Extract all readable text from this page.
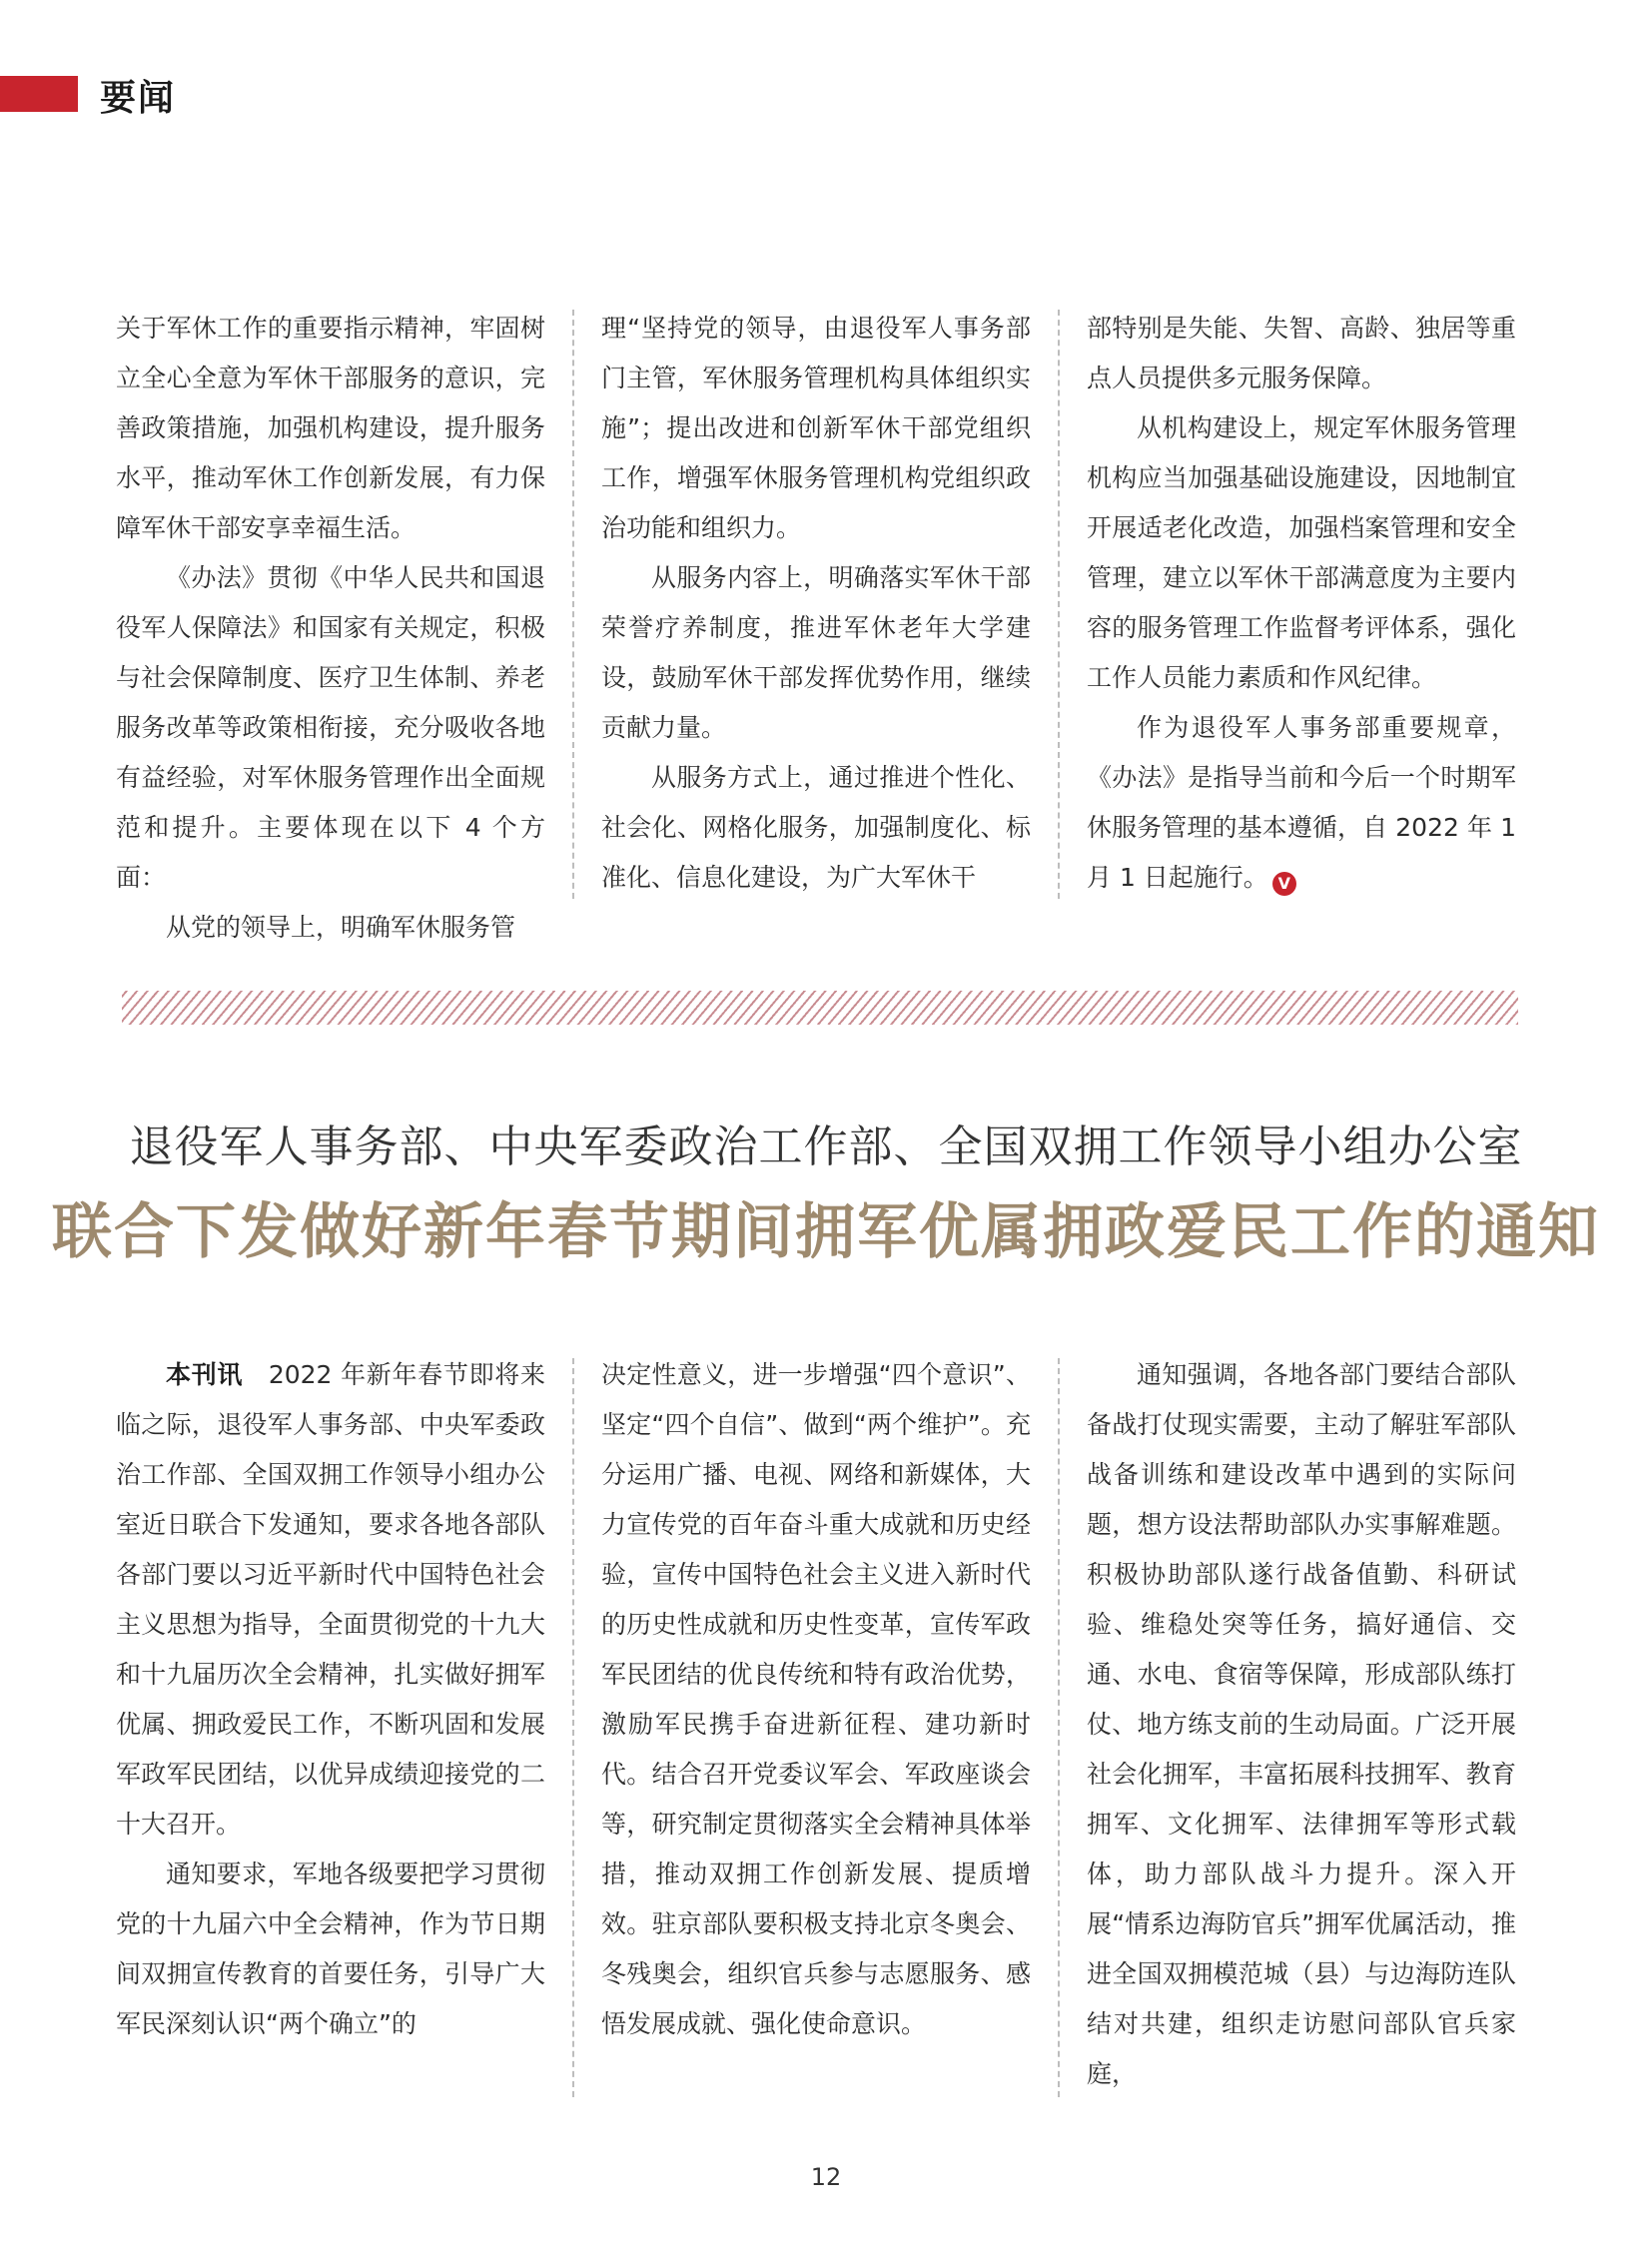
要闻

关于军休工作的重要指示精神，牢固树立全心全意为军休干部服务的意识，完善政策措施，加强机构建设，提升服务水平，推动军休工作创新发展，有力保障军休干部安享幸福生活。

《办法》贯彻《中华人民共和国退役军人保障法》和国家有关规定，积极与社会保障制度、医疗卫生体制、养老服务改革等政策相衔接，充分吸收各地有益经验，对军休服务管理作出全面规范和提升。主要体现在以下 4 个方面：

从党的领导上，明确军休服务管

理“坚持党的领导，由退役军人事务部门主管，军休服务管理机构具体组织实施”；提出改进和创新军休干部党组织工作，增强军休服务管理机构党组织政治功能和组织力。

从服务内容上，明确落实军休干部荣誉疗养制度，推进军休老年大学建设，鼓励军休干部发挥优势作用，继续贡献力量。

从服务方式上，通过推进个性化、社会化、网格化服务，加强制度化、标准化、信息化建设，为广大军休干

部特别是失能、失智、高龄、独居等重点人员提供多元服务保障。

从机构建设上，规定军休服务管理机构应当加强基础设施建设，因地制宜开展适老化改造，加强档案管理和安全管理，建立以军休干部满意度为主要内容的服务管理工作监督考评体系，强化工作人员能力素质和作风纪律。

作为退役军人事务部重要规章，《办法》是指导当前和今后一个时期军休服务管理的基本遵循，自 2022 年 1 月 1 日起施行。 V

退役军人事务部、中央军委政治工作部、全国双拥工作领导小组办公室
联合下发做好新年春节期间拥军优属拥政爱民工作的通知

本刊讯　 2022 年新年春节即将来临之际，退役军人事务部、中央军委政治工作部、全国双拥工作领导小组办公室近日联合下发通知，要求各地各部队各部门要以习近平新时代中国特色社会主义思想为指导，全面贯彻党的十九大和十九届历次全会精神，扎实做好拥军优属、拥政爱民工作，不断巩固和发展军政军民团结，以优异成绩迎接党的二十大召开。

通知要求，军地各级要把学习贯彻党的十九届六中全会精神，作为节日期间双拥宣传教育的首要任务，引导广大军民深刻认识“两个确立”的

决定性意义，进一步增强“四个意识”、坚定“四个自信”、做到“两个维护”。充分运用广播、电视、网络和新媒体，大力宣传党的百年奋斗重大成就和历史经验，宣传中国特色社会主义进入新时代的历史性成就和历史性变革，宣传军政军民团结的优良传统和特有政治优势，激励军民携手奋进新征程、建功新时代。结合召开党委议军会、军政座谈会等，研究制定贯彻落实全会精神具体举措，推动双拥工作创新发展、提质增效。驻京部队要积极支持北京冬奥会、冬残奥会，组织官兵参与志愿服务、感悟发展成就、强化使命意识。

通知强调，各地各部门要结合部队备战打仗现实需要，主动了解驻军部队战备训练和建设改革中遇到的实际问题，想方设法帮助部队办实事解难题。积极协助部队遂行战备值勤、科研试验、维稳处突等任务，搞好通信、交通、水电、食宿等保障，形成部队练打仗、地方练支前的生动局面。广泛开展社会化拥军，丰富拓展科技拥军、教育拥军、文化拥军、法律拥军等形式载体，助力部队战斗力提升。深入开展“情系边海防官兵”拥军优属活动，推进全国双拥模范城（县）与边海防连队结对共建，组织走访慰问部队官兵家庭，

12
